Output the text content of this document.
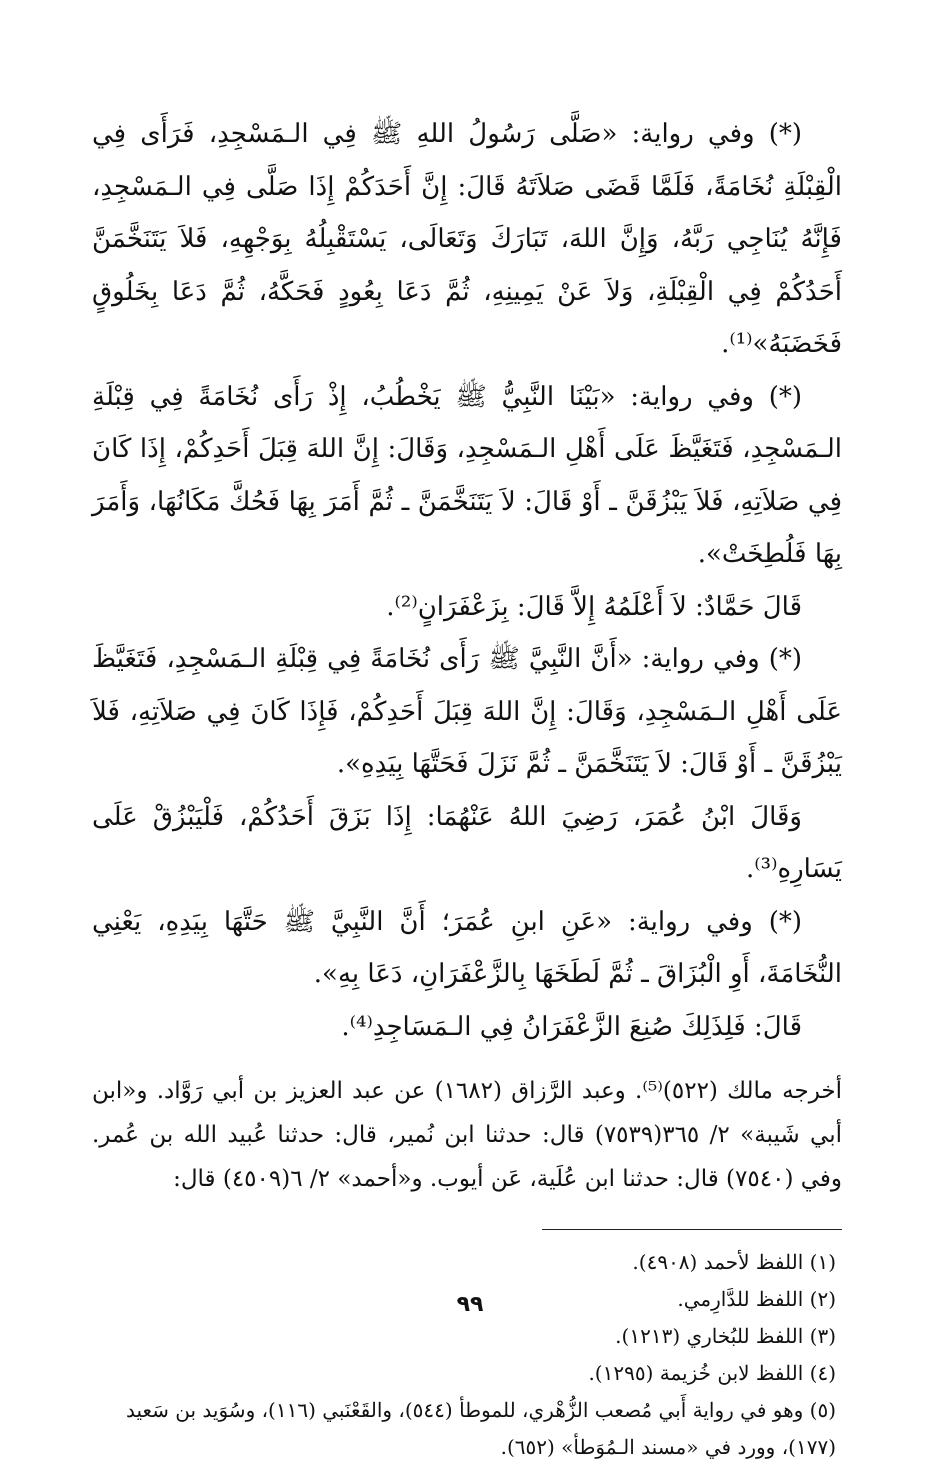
(*) وفي رواية: «صَلَّى رَسُولُ اللهِ ﷺ فِي الـمَسْجِدِ، فَرَأَى فِي الْقِبْلَةِ نُخَامَةً، فَلَمَّا قَضَى صَلاَتَهُ قَالَ: إِنَّ أَحَدَكُمْ إِذَا صَلَّى فِي الـمَسْجِدِ، فَإِنَّهُ يُنَاجِي رَبَّهُ، وَإِنَّ اللهَ، تَبَارَكَ وَتَعَالَى، يَسْتَقْبِلُهُ بِوَجْهِهِ، فَلاَ يَتَنَخَّمَنَّ أَحَدُكُمْ فِي الْقِبْلَةِ، وَلاَ عَنْ يَمِينِهِ، ثُمَّ دَعَا بِعُودٍ فَحَكَّهُ، ثُمَّ دَعَا بِخَلُوقٍ فَخَضَبَهُ»⁽¹⁾.

(*) وفي رواية: «بَيْنَا النَّبِيُّ ﷺ يَخْطُبُ، إِذْ رَأَى نُخَامَةً فِي قِبْلَةِ الـمَسْجِدِ، فَتَغَيَّظَ عَلَى أَهْلِ الـمَسْجِدِ، وَقَالَ: إِنَّ اللهَ قِبَلَ أَحَدِكُمْ، إِذَا كَانَ فِي صَلاَتِهِ، فَلاَ يَبْزُقَنَّ ـ أَوْ قَالَ: لاَ يَتَنَخَّمَنَّ ـ ثُمَّ أَمَرَ بِهَا فَحُكَّ مَكَانُهَا، وَأَمَرَ بِهَا فَلُطِخَتْ».

قَالَ حَمَّادٌ: لاَ أَعْلَمُهُ إِلاَّ قَالَ: بِزَعْفَرَانٍ⁽²⁾.

(*) وفي رواية: «أَنَّ النَّبِيَّ ﷺ رَأَى نُخَامَةً فِي قِبْلَةِ الـمَسْجِدِ، فَتَغَيَّظَ عَلَى أَهْلِ الـمَسْجِدِ، وَقَالَ: إِنَّ اللهَ قِبَلَ أَحَدِكُمْ، فَإِذَا كَانَ فِي صَلاَتِهِ، فَلاَ يَبْزُقَنَّ ـ أَوْ قَالَ: لاَ يَتَنَخَّمَنَّ ـ ثُمَّ نَزَلَ فَحَتَّهَا بِيَدِهِ».

وَقَالَ ابْنُ عُمَرَ، رَضِيَ اللهُ عَنْهُمَا: إِذَا بَزَقَ أَحَدُكُمْ، فَلْيَبْزُقْ عَلَى يَسَارِهِ⁽³⁾.

(*) وفي رواية: «عَنِ ابنِ عُمَرَ؛ أَنَّ النَّبِيَّ ﷺ حَتَّهَا بِيَدِهِ، يَعْنِي النُّخَامَةَ، أَوِ الْبُزَاقَ ـ ثُمَّ لَطَخَهَا بِالزَّعْفَرَانِ، دَعَا بِهِ».

قَالَ: فَلِذَلِكَ صُنِعَ الزَّعْفَرَانُ فِي الـمَسَاجِدِ⁽⁴⁾.

أخرجه مالك (٥٢٢)⁽⁵⁾. وعبد الرَّزاق (١٦٨٢) عن عبد العزيز بن أبي رَوَّاد. و«ابن أبي شَيبة» ٢/ ٣٦٥(٧٥٣٩) قال: حدثنا ابن نُمير، قال: حدثنا عُبيد الله بن عُمر. وفي (٧٥٤٠) قال: حدثنا ابن عُلَية، عَن أيوب. و«أحمد» ٢/ ٦(٤٥٠٩) قال:

(١) اللفظ لأحمد (٤٩٠٨).

(٢) اللفظ للدَّارِمي.

(٣) اللفظ للبُخاري (١٢١٣).

(٤) اللفظ لابن خُزيمة (١٢٩٥).

(٥) وهو في رواية أَبي مُصعب الزُّهْري، للموطأ (٥٤٤)، والقَعْنَبي (١١٦)، وسُوَيد بن سَعيد (١٧٧)، وورد في «مسند الـمُوَطأ» (٦٥٢).

٩٩
